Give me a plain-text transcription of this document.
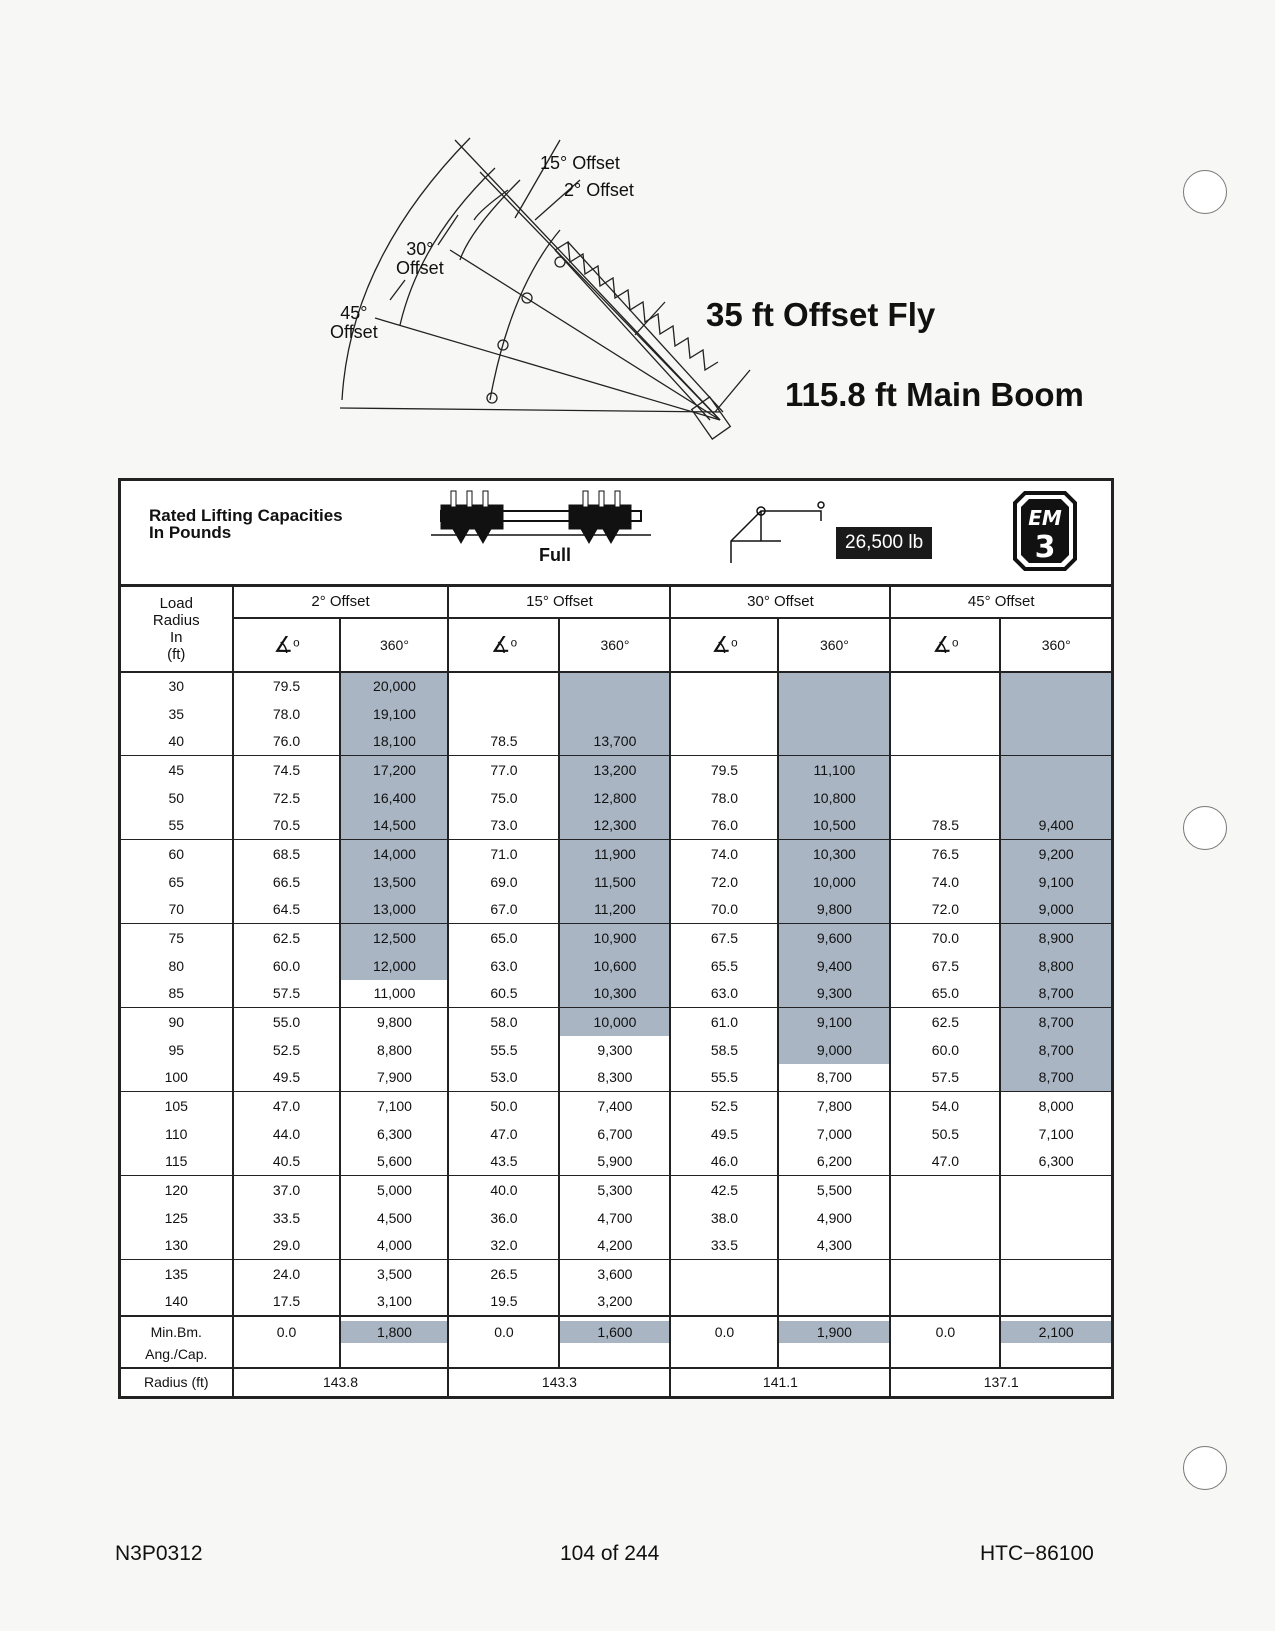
15° Offset
2° Offset
30°
Offset
45°
Offset	35 ft Offset Fly
115.8 ft Main Boom
Rated Lifting Capacities
In Pounds
Full
26,500 lb
EM
3
Load
Radius
In
(ft)	2° Offset		15° Offset		30° Offset		45° Offset	
	∡$^o$	360°	∡$^o$	360°	∡$^o$	360°	∡$^o$	360°
30	79.5	20,000						
35	78.0	19,100						
40	76.0	18,100	78.5	13,700				
45	74.5	17,200	77.0	13,200	79.5	11,100		
50	72.5	16,400	75.0	12,800	78.0	10,800		
55	70.5	14,500	73.0	12,300	76.0	10,500	78.5	9,400
60	68.5	14,000	71.0	11,900	74.0	10,300	76.5	9,200
65	66.5	13,500	69.0	11,500	72.0	10,000	74.0	9,100
70	64.5	13,000	67.0	11,200	70.0	9,800	72.0	9,000
75	62.5	12,500	65.0	10,900	67.5	9,600	70.0	8,900
80	60.0	12,000	63.0	10,600	65.5	9,400	67.5	8,800
85	57.5	11,000	60.5	10,300	63.0	9,300	65.0	8,700
90	55.0	9,800	58.0	10,000	61.0	9,100	62.5	8,700
95	52.5	8,800	55.5	9,300	58.5	9,000	60.0	8,700
100	49.5	7,900	53.0	8,300	55.5	8,700	57.5	8,700
105	47.0	7,100	50.0	7,400	52.5	7,800	54.0	8,000
110	44.0	6,300	47.0	6,700	49.5	7,000	50.5	7,100
115	40.5	5,600	43.5	5,900	46.0	6,200	47.0	6,300
120	37.0	5,000	40.0	5,300	42.5	5,500		
125	33.5	4,500	36.0	4,700	38.0	4,900		
130	29.0	4,000	32.0	4,200	33.5	4,300		
135	24.0	3,500	26.5	3,600				
140	17.5	3,100	19.5	3,200				

Min.Bm.
Ang./Cap.	0.0	1,800	0.0	1,600	0.0	1,900	0.0	2,100

Radius (ft)	143.8		143.3		141.1		137.1	
N3P0312	104 of 244	HTC−86100
